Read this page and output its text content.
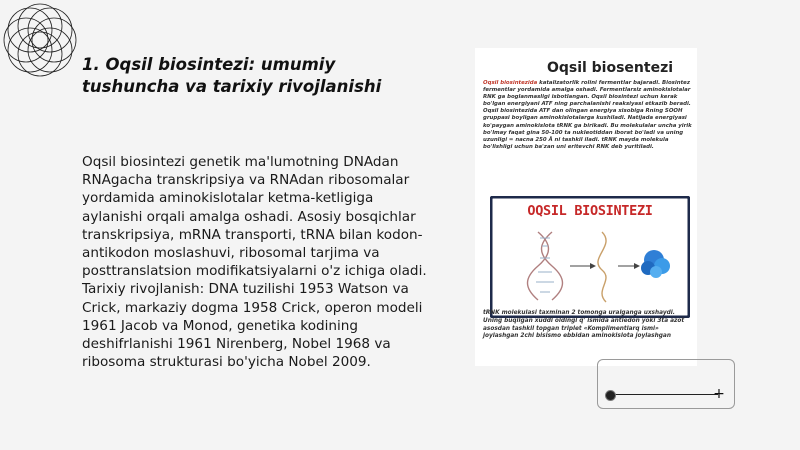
1. Oqsil biosintezi: umumiy tushuncha va tarixiy rivojlanishi

Oqsil biosintezi genetik ma'lumotning DNAdan RNAgacha transkripsiya va RNAdan ribosomalar yordamida aminokislotalar ketma-ketligiga aylanishi orqali amalga oshadi. Asosiy bosqichlar transkripsiya, mRNA transporti, tRNA bilan kodon-antikodon moslashuvi, ribosomal tarjima va posttranslatsion modifikatsiyalarni o'z ichiga oladi. Tarixiy rivojlanish: DNA tuzilishi 1953 Watson va Crick, markaziy dogma 1958 Crick, operon modeli 1961 Jacob va Monod, genetika kodining deshifrlanishi 1961 Nirenberg, Nobel 1968 va ribosoma strukturasi bo'yicha Nobel 2009.

Oqsil biosentezi
Oqsil biosintezida katalizatorlik rolini fermentlar bajaradi. Biosintez fermentlar yordamida amalga oshadi. Fermentlarsiz aminokislotalar RNK ga boglanmasligi isbotlangan. Oqsil biosintezi uchun kerak bo'lgan energiyani ATF ning parchalanishi reaksiyasi etkazib beradi. Oqsil biosintezida ATF dan olingan energiya xisobiga Rning SOOH gruppasi boyligan aminokislotalarga kushiladi. Natijada energiyasi ko'paygan aminokislota tRNK ga birikadi. Bu molekulalar uncha yirik bo'lmay faqat gina 50-100 ta nukleotiddan iborat bo'ladi va uning uzunligi = nacna 250 Å ni tashkil iladi. tRNK mayda molekula bo'lishligi uchun ba'zan uni eritevchi RNK deb yuritiladi.
OQSIL BIOSINTEZI
tRNK molekulasi taxminan 2 tomonga uralganga uxshaydi. Uning buqilgan xuddi oldingi q' ismida antiedon yoki 3ta azot asosdan tashkil topgan triplet «Komplimentlarq ismi» joylashgan 2chi bisismo ebbidan aminokislota joylashgan
+
